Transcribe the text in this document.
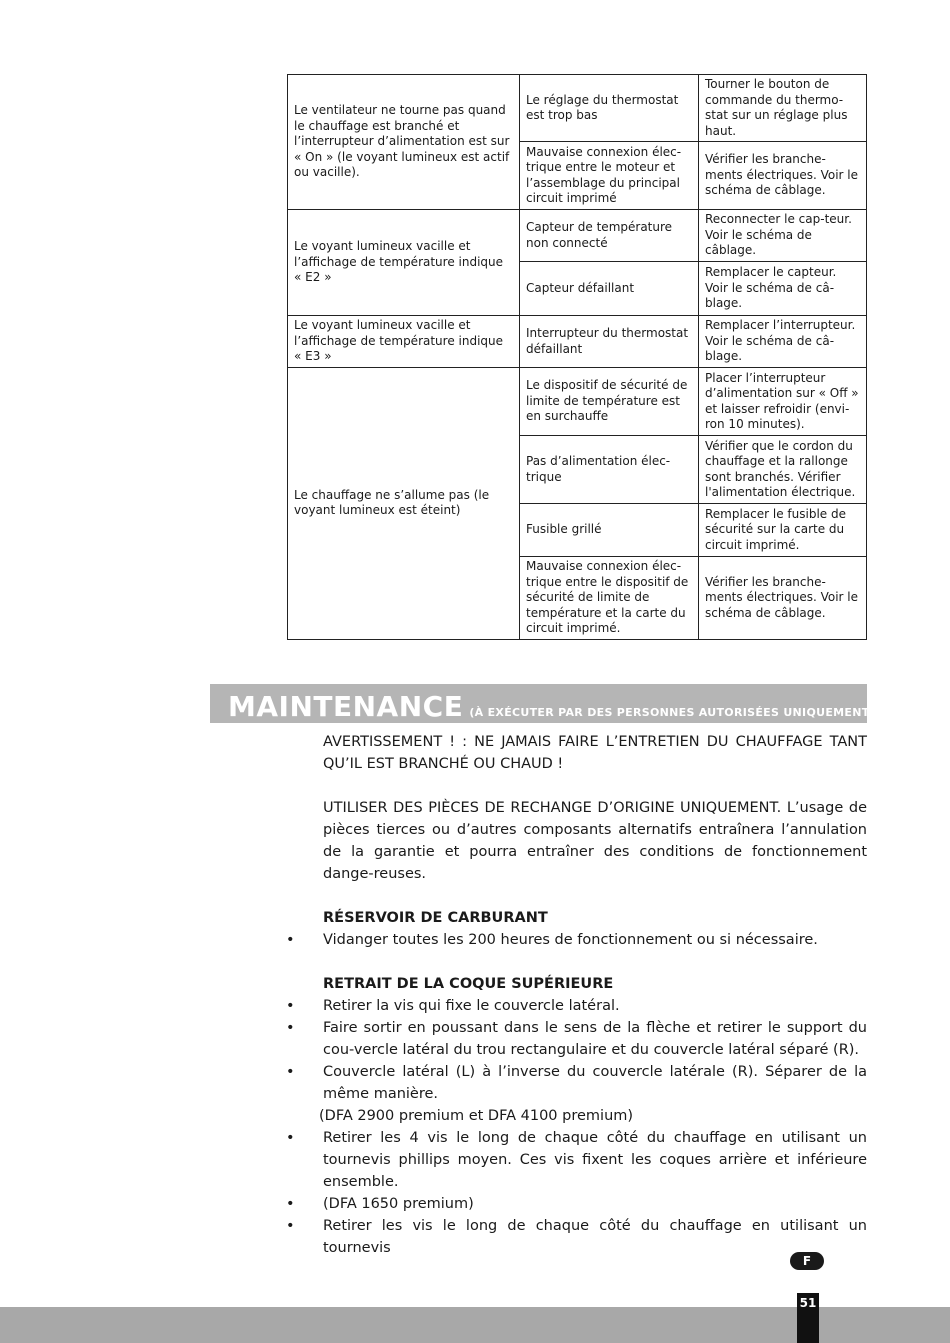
Le ventilateur ne tourne pas quand le chauffage est branché et l’interrupteur d’alimentation est sur « On » (le voyant lumineux est actif ou vacille).	Le réglage du thermostat est trop bas	Tourner le bouton de commande du thermo-stat sur un réglage plus haut.
	Mauvaise connexion élec-trique entre le moteur et l’assemblage du principal circuit imprimé	Vérifier les branche-ments électriques. Voir le schéma de câblage.
Le voyant lumineux vacille et l’affichage de température indique « E2 »	Capteur de température non connecté	Reconnecter le cap-teur. Voir le schéma de câblage.
	Capteur défaillant	Remplacer le capteur. Voir le schéma de câ-blage.
Le voyant lumineux vacille et l’affichage de température indique « E3 »	Interrupteur du thermostat défaillant	Remplacer l’interrupteur. Voir le schéma de câ-blage.
Le chauffage ne s’allume pas (le voyant lumineux est éteint)	Le dispositif de sécurité de limite de température est en surchauffe	Placer l’interrupteur d’alimentation sur « Off » et laisser refroidir (envi-ron 10 minutes).
	Pas d’alimentation élec-trique	Vérifier que le cordon du chauffage et la rallonge sont branchés. Vérifier l'alimentation électrique.
	Fusible grillé	Remplacer le fusible de sécurité sur la carte du circuit imprimé.
	Mauvaise connexion élec-trique entre le dispositif de sécurité de limite de température et la carte du circuit imprimé.	Vérifier les branche-ments électriques. Voir le schéma de câblage.
MAINTENANCE (À EXÉCUTER PAR DES PERSONNES AUTORISÉES UNIQUEMENT)

AVERTISSEMENT ! : NE JAMAIS FAIRE L’ENTRETIEN DU CHAUFFAGE TANT QU’IL EST BRANCHÉ OU CHAUD !

UTILISER DES PIÈCES DE RECHANGE D’ORIGINE UNIQUEMENT. L’usage de pièces tierces ou d’autres composants alternatifs entraînera l’annulation de la garantie et pourra entraîner des conditions de fonctionnement dange-reuses.

RÉSERVOIR DE CARBURANT
• Vidanger toutes les 200 heures de fonctionnement ou si nécessaire.
RETRAIT DE LA COQUE SUPÉRIEURE
• Retirer la vis qui fixe le couvercle latéral.
• Faire sortir en poussant dans le sens de la flèche et retirer le support du cou-vercle latéral du trou rectangulaire et du couvercle latéral séparé (R).
• Couvercle latéral (L) à l’inverse du couvercle latérale (R). Séparer de la même manière.
(DFA 2900 premium et DFA 4100 premium)
• Retirer les 4 vis le long de chaque côté du chauffage en utilisant un tournevis phillips moyen. Ces vis fixent les coques arrière et inférieure ensemble.
• (DFA 1650 premium)
• Retirer les vis le long de chaque côté du chauffage en utilisant un tournevis
F
51
